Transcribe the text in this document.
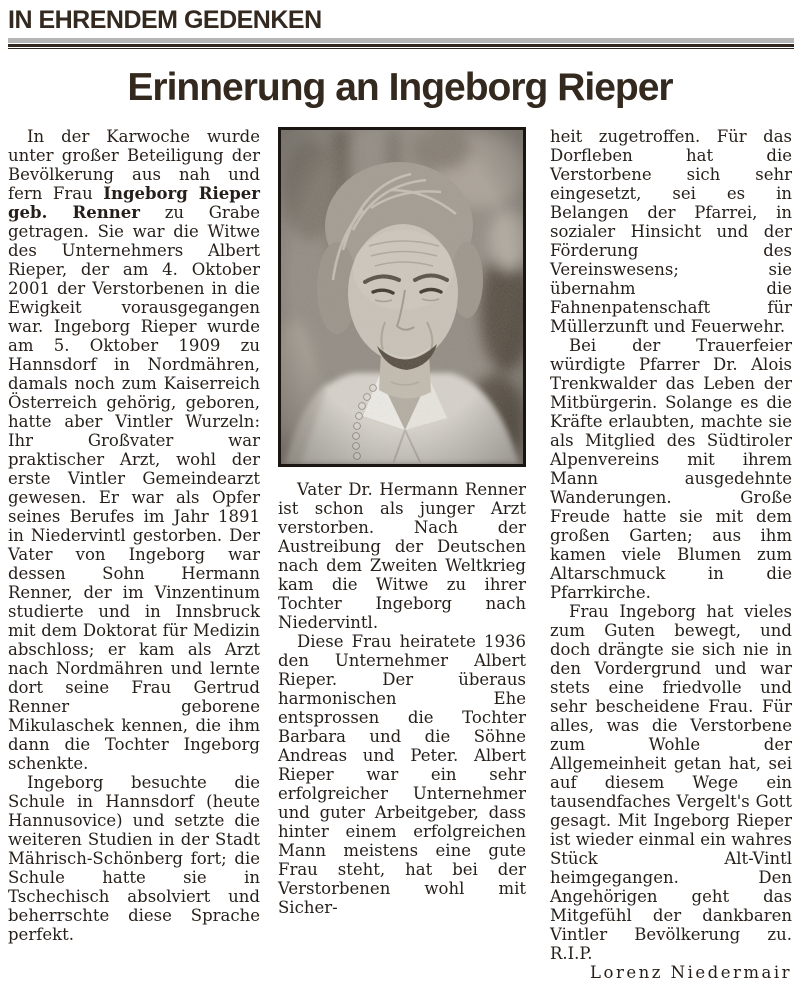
IN EHRENDEM GEDENKEN
Erinnerung an Ingeborg Rieper

In der Karwoche wurde unter großer Beteiligung der Bevölkerung aus nah und fern Frau Ingeborg Rieper geb. Renner zu Grabe getragen. Sie war die Witwe des Unternehmers Albert Rieper, der am 4. Oktober 2001 der Verstorbenen in die Ewigkeit vorausgegangen war. Ingeborg Rieper wurde am 5. Oktober 1909 zu Hannsdorf in Nordmähren, damals noch zum Kaiserreich Österreich gehörig, geboren, hatte aber Vintler Wurzeln: Ihr Großvater war praktischer Arzt, wohl der erste Vintler Gemeindearzt gewesen. Er war als Opfer seines Berufes im Jahr 1891 in Niedervintl gestorben. Der Vater von Ingeborg war dessen Sohn Hermann Renner, der im Vinzentinum studierte und in Innsbruck mit dem Doktorat für Medizin abschloss; er kam als Arzt nach Nordmähren und lernte dort seine Frau Gertrud Renner geborene Mikulaschek kennen, die ihm dann die Tochter Ingeborg schenkte.

Ingeborg besuchte die Schule in Hannsdorf (heute Hannusovice) und setzte die weiteren Studien in der Stadt Mährisch-Schönberg fort; die Schule hatte sie in Tschechisch absolviert und beherrschte diese Sprache perfekt.

Vater Dr. Hermann Renner ist schon als junger Arzt verstorben. Nach der Austreibung der Deutschen nach dem Zweiten Weltkrieg kam die Witwe zu ihrer Tochter Ingeborg nach Niedervintl.

Diese Frau heiratete 1936 den Unternehmer Albert Rieper. Der überaus harmonischen Ehe entsprossen die Tochter Barbara und die Söhne Andreas und Peter. Albert Rieper war ein sehr erfolgreicher Unternehmer und guter Arbeitgeber, dass hinter einem erfolgreichen Mann meistens eine gute Frau steht, hat bei der Verstorbenen wohl mit Sicher-

heit zugetroffen. Für das Dorfleben hat die Verstorbene sich sehr eingesetzt, sei es in Belangen der Pfarrei, in sozialer Hinsicht und der Förderung des Vereinswesens; sie übernahm die Fahnenpatenschaft für Müllerzunft und Feuerwehr.

Bei der Trauerfeier würdigte Pfarrer Dr. Alois Trenkwalder das Leben der Mitbürgerin. Solange es die Kräfte erlaubten, machte sie als Mitglied des Südtiroler Alpenvereins mit ihrem Mann ausgedehnte Wanderungen. Große Freude hatte sie mit dem großen Garten; aus ihm kamen viele Blumen zum Altarschmuck in die Pfarrkirche.

Frau Ingeborg hat vieles zum Guten bewegt, und doch drängte sie sich nie in den Vordergrund und war stets eine friedvolle und sehr bescheidene Frau. Für alles, was die Verstorbene zum Wohle der Allgemeinheit getan hat, sei auf diesem Wege ein tausendfaches Vergelt's Gott gesagt. Mit Ingeborg Rieper ist wieder einmal ein wahres Stück Alt-Vintl heimgegangen. Den Angehörigen geht das Mitgefühl der dankbaren Vintler Bevölkerung zu. R.I.P.

Lorenz Niedermair
